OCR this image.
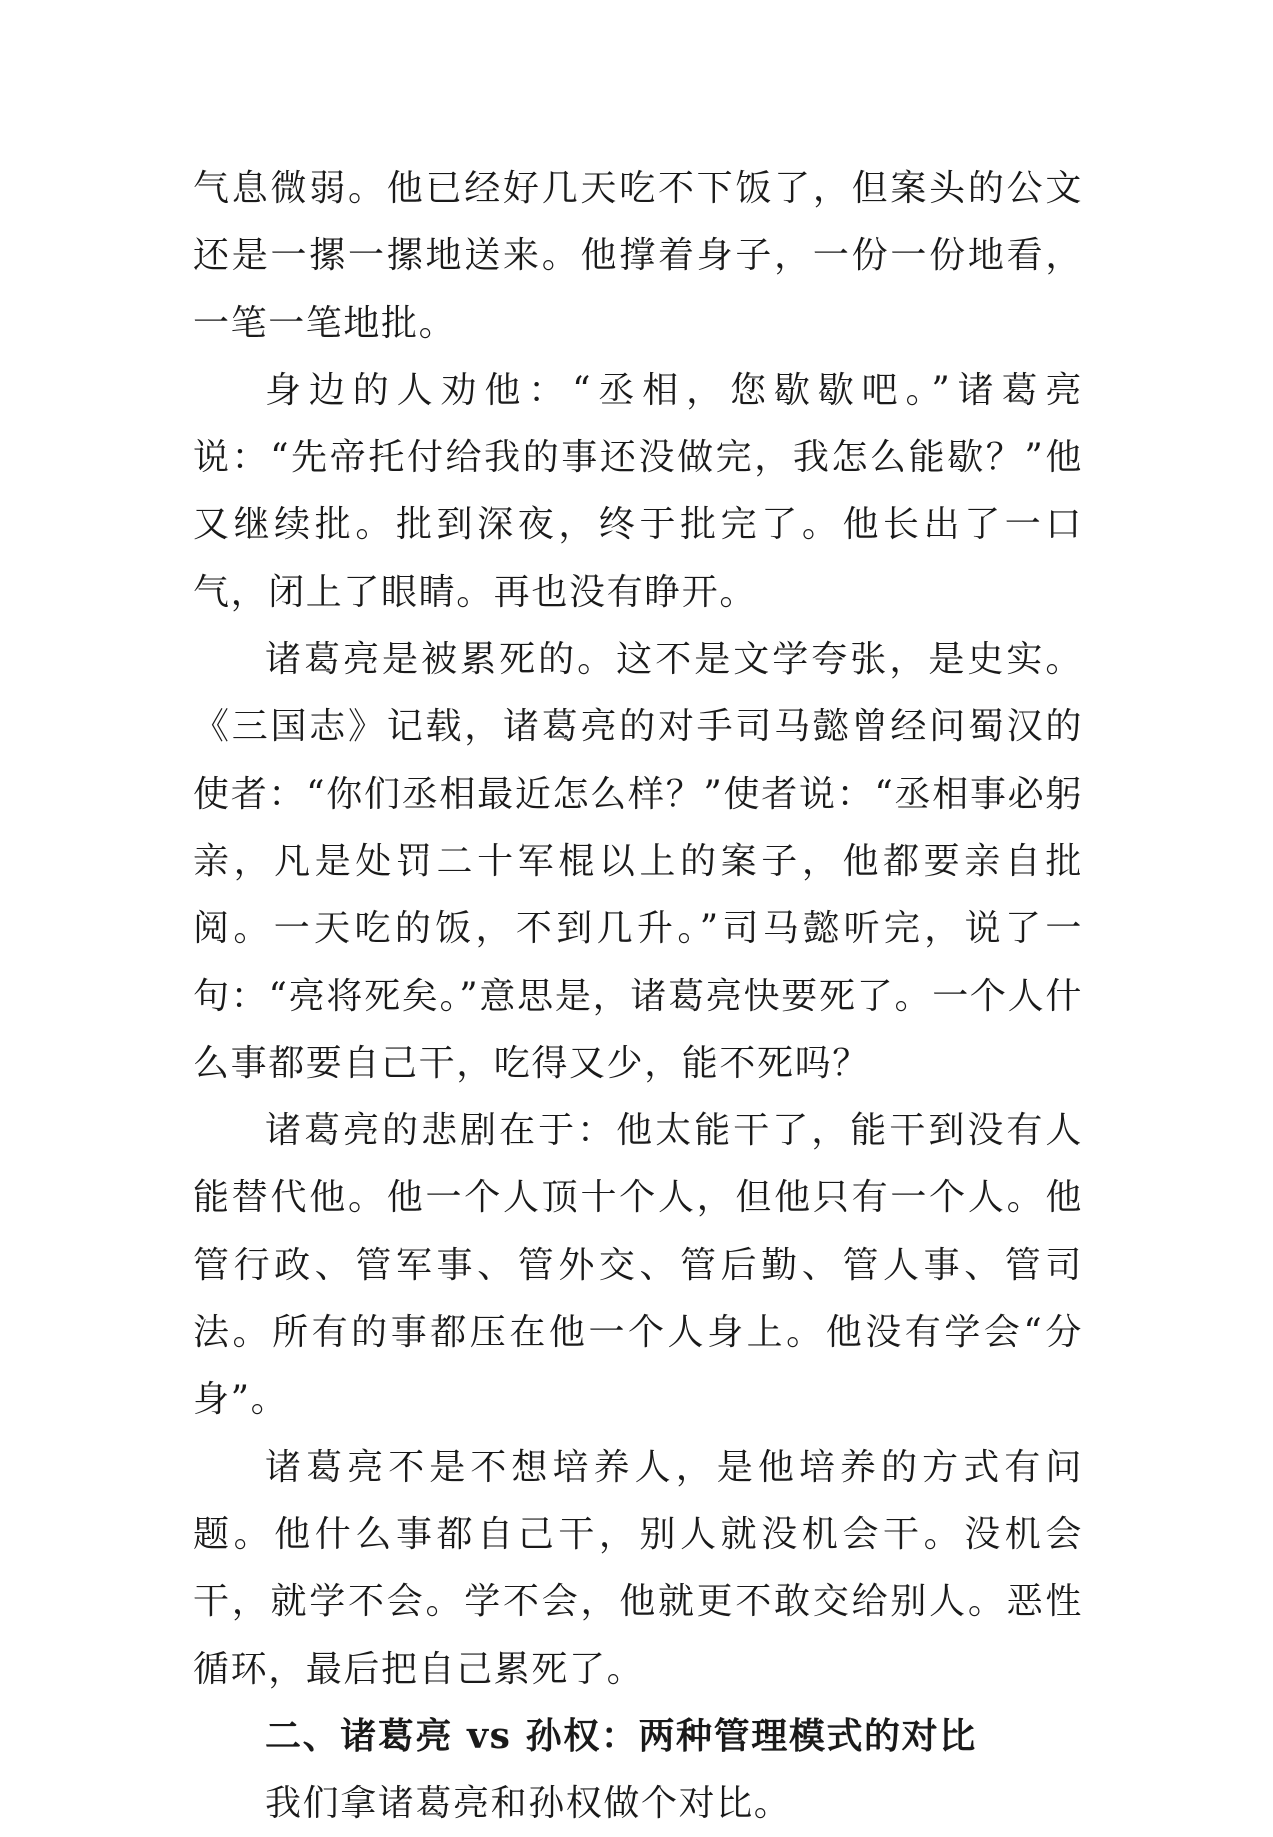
气息微弱。他已经好几天吃不下饭了，但案头的公文还是一摞一摞地送来。他撑着身子，一份一份地看，一笔一笔地批。

身边的人劝他：“丞相，您歇歇吧。”诸葛亮说：“先帝托付给我的事还没做完，我怎么能歇？”他又继续批。批到深夜，终于批完了。他长出了一口气，闭上了眼睛。再也没有睁开。

诸葛亮是被累死的。这不是文学夸张，是史实。《三国志》记载，诸葛亮的对手司马懿曾经问蜀汉的使者：“你们丞相最近怎么样？”使者说：“丞相事必躬亲，凡是处罚二十军棍以上的案子，他都要亲自批阅。一天吃的饭，不到几升。”司马懿听完，说了一句：“亮将死矣。”意思是，诸葛亮快要死了。一个人什么事都要自己干，吃得又少，能不死吗？

诸葛亮的悲剧在于：他太能干了，能干到没有人能替代他。他一个人顶十个人，但他只有一个人。他管行政、管军事、管外交、管后勤、管人事、管司法。所有的事都压在他一个人身上。他没有学会“分身”。

诸葛亮不是不想培养人，是他培养的方式有问题。他什么事都自己干，别人就没机会干。没机会干，就学不会。学不会，他就更不敢交给别人。恶性循环，最后把自己累死了。

二、诸葛亮 vs 孙权：两种管理模式的对比

我们拿诸葛亮和孙权做个对比。
